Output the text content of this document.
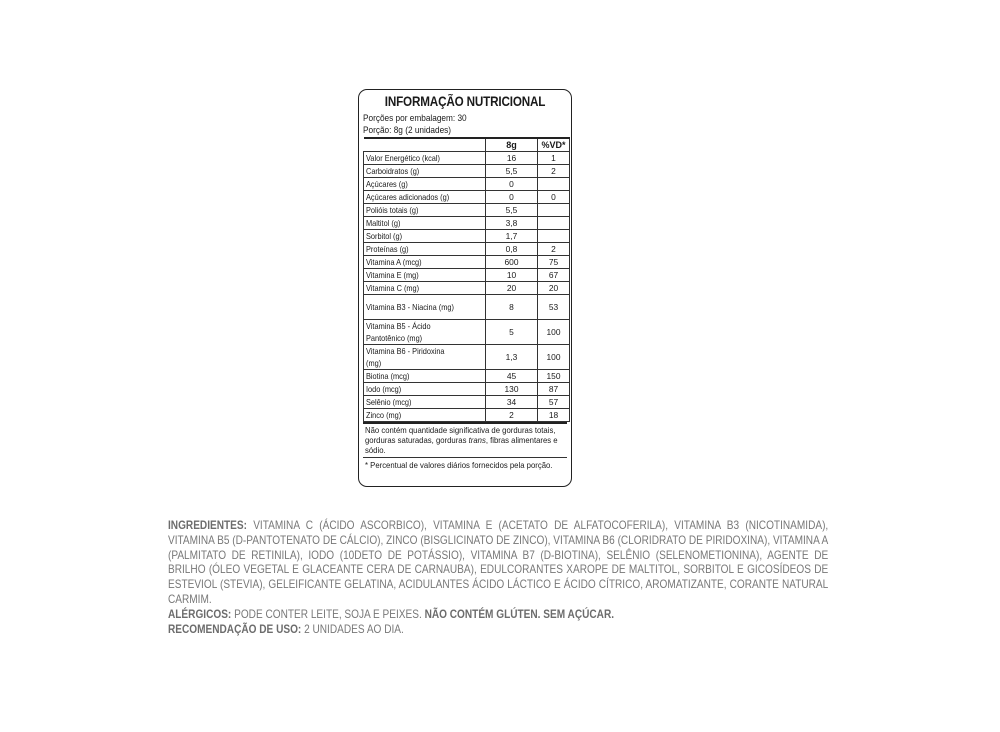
INFORMAÇÃO NUTRICIONAL
Porções por embalagem: 30
Porção: 8g (2 unidades)
	8g	%VD*
Valor Energético (kcal)	16	1
Carboidratos (g)	5,5	2
Açúcares (g)	0	
Açúcares adicionados (g)	0	0
Polióis totais (g)	5,5	
Maltitol (g)	3,8	
Sorbitol (g)	1,7	
Proteínas (g)	0,8	2
Vitamina A (mcg)	600	75
Vitamina E (mg)	10	67
Vitamina C (mg)	20	20
Vitamina B3 - Niacina (mg)	8	53
Vitamina B5 - Ácido Pantotênico (mg)	5	100
Vitamina B6 - Piridoxina (mg)	1,3	100
Biotina (mcg)	45	150
Iodo (mcg)	130	87
Selênio (mcg)	34	57
Zinco (mg)	2	18
Não contém quantidade significativa de gorduras totais, gorduras saturadas, gorduras trans, fibras alimentares e sódio.
* Percentual de valores diários fornecidos pela porção.

INGREDIENTES: VITAMINA C (ÁCIDO ASCORBICO), VITAMINA E (ACETATO DE ALFATOCOFERILA), VITAMINA B3 (NICOTINAMIDA), VITAMINA B5 (D-PANTOTENATO DE CÁLCIO), ZINCO (BISGLICINATO DE ZINCO), VITAMINA B6 (CLORIDRATO DE PIRIDOXINA), VITAMINA A (PALMITATO DE RETINILA), IODO (10DETO DE POTÁSSIO), VITAMINA B7 (D-BIOTINA), SELÊNIO (SELENOMETIONINA), AGENTE DE BRILHO (ÓLEO VEGETAL E GLACEANTE CERA DE CARNAUBA), EDULCORANTES XAROPE DE MALTITOL, SORBITOL E GICOSÍDEOS DE ESTEVIOL (STEVIA), GELEIFICANTE GELATINA, ACIDULANTES ÁCIDO LÁCTICO E ÁCIDO CÍTRICO, AROMATIZANTE, CORANTE NATURAL CARMIM.

ALÉRGICOS: PODE CONTER LEITE, SOJA E PEIXES. NÃO CONTÉM GLÚTEN. SEM AÇÚCAR.

RECOMENDAÇÃO DE USO: 2 UNIDADES AO DIA.
